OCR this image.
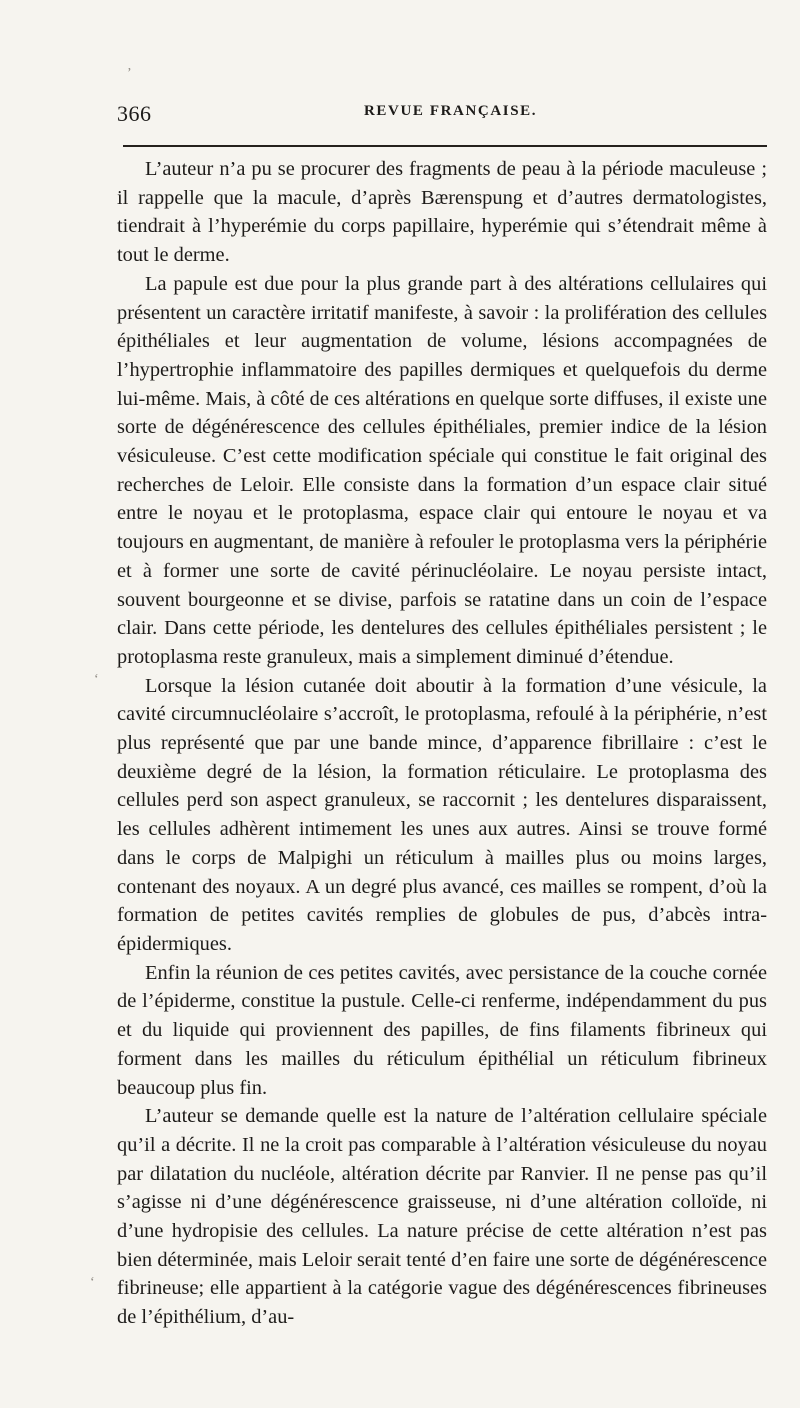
ʼ
ʻ
ʻ
366	REVUE FRANÇAISE.

L’auteur n’a pu se procurer des fragments de peau à la période maculeuse ; il rappelle que la macule, d’après Bærenspung et d’autres dermatologistes, tiendrait à l’hyperémie du corps papillaire, hyperémie qui s’étendrait même à tout le derme.

La papule est due pour la plus grande part à des altérations cellulaires qui présentent un caractère irritatif manifeste, à savoir : la prolifération des cellules épithéliales et leur augmentation de volume, lésions accompagnées de l’hypertrophie inflammatoire des papilles dermiques et quelquefois du derme lui-même. Mais, à côté de ces altérations en quelque sorte diffuses, il existe une sorte de dégénérescence des cellules épithéliales, premier indice de la lésion vésiculeuse. C’est cette modification spéciale qui constitue le fait original des recherches de Leloir. Elle consiste dans la formation d’un espace clair situé entre le noyau et le protoplasma, espace clair qui entoure le noyau et va toujours en augmentant, de manière à refouler le protoplasma vers la périphérie et à former une sorte de cavité périnucléolaire. Le noyau persiste intact, souvent bourgeonne et se divise, parfois se ratatine dans un coin de l’espace clair. Dans cette période, les dentelures des cellules épithéliales persistent ; le protoplasma reste granuleux, mais a simplement diminué d’étendue.

Lorsque la lésion cutanée doit aboutir à la formation d’une vésicule, la cavité circumnucléolaire s’accroît, le protoplasma, refoulé à la périphérie, n’est plus représenté que par une bande mince, d’apparence fibrillaire : c’est le deuxième degré de la lésion, la formation réticulaire. Le protoplasma des cellules perd son aspect granuleux, se raccornit ; les dentelures disparaissent, les cellules adhèrent intimement les unes aux autres. Ainsi se trouve formé dans le corps de Malpighi un réticulum à mailles plus ou moins larges, contenant des noyaux. A un degré plus avancé, ces mailles se rompent, d’où la formation de petites cavités remplies de globules de pus, d’abcès intra-épidermiques.

Enfin la réunion de ces petites cavités, avec persistance de la couche cornée de l’épiderme, constitue la pustule. Celle-ci renferme, indépendamment du pus et du liquide qui proviennent des papilles, de fins filaments fibrineux qui forment dans les mailles du réticulum épithélial un réticulum fibrineux beaucoup plus fin.

L’auteur se demande quelle est la nature de l’altération cellulaire spéciale qu’il a décrite. Il ne la croit pas comparable à l’altération vésiculeuse du noyau par dilatation du nucléole, altération décrite par Ranvier. Il ne pense pas qu’il s’agisse ni d’une dégénérescence graisseuse, ni d’une altération colloïde, ni d’une hydropisie des cellules. La nature précise de cette altération n’est pas bien déterminée, mais Leloir serait tenté d’en faire une sorte de dégénérescence fibrineuse; elle appartient à la catégorie vague des dégénérescences fibrineuses de l’épithélium, d’au-
